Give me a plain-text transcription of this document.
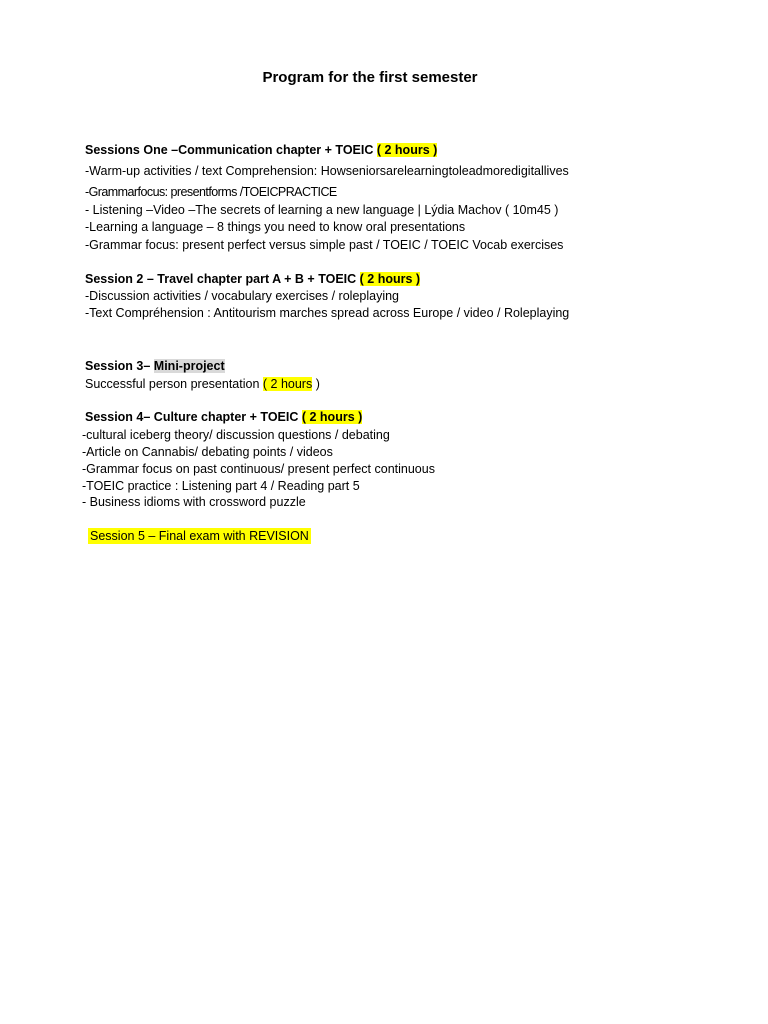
Program for the first semester
Sessions One –Communication chapter + TOEIC ( 2 hours )
-Warm-up activities / text Comprehension: Howseniorsarelearningtoleadmoredigitallives
-Grammarfocus: presentforms /TOEICPRACTICE
- Listening –Video –The secrets of learning a new language | Lýdia Machov ( 10m45 )
-Learning a language – 8 things you need to know oral presentations
-Grammar focus: present perfect versus simple past / TOEIC / TOEIC Vocab exercises
Session 2 – Travel chapter part A + B + TOEIC ( 2 hours )
-Discussion activities / vocabulary exercises / roleplaying
-Text Compréhension : Antitourism marches spread across Europe / video / Roleplaying
Session 3– Mini-project
Successful person presentation ( 2 hours )
Session 4– Culture chapter + TOEIC ( 2 hours )
-cultural iceberg theory/ discussion questions / debating
-Article on Cannabis/ debating points / videos
-Grammar focus on past continuous/ present perfect continuous
-TOEIC practice : Listening part 4 / Reading part 5
- Business idioms with crossword puzzle
Session 5 – Final exam with REVISION
